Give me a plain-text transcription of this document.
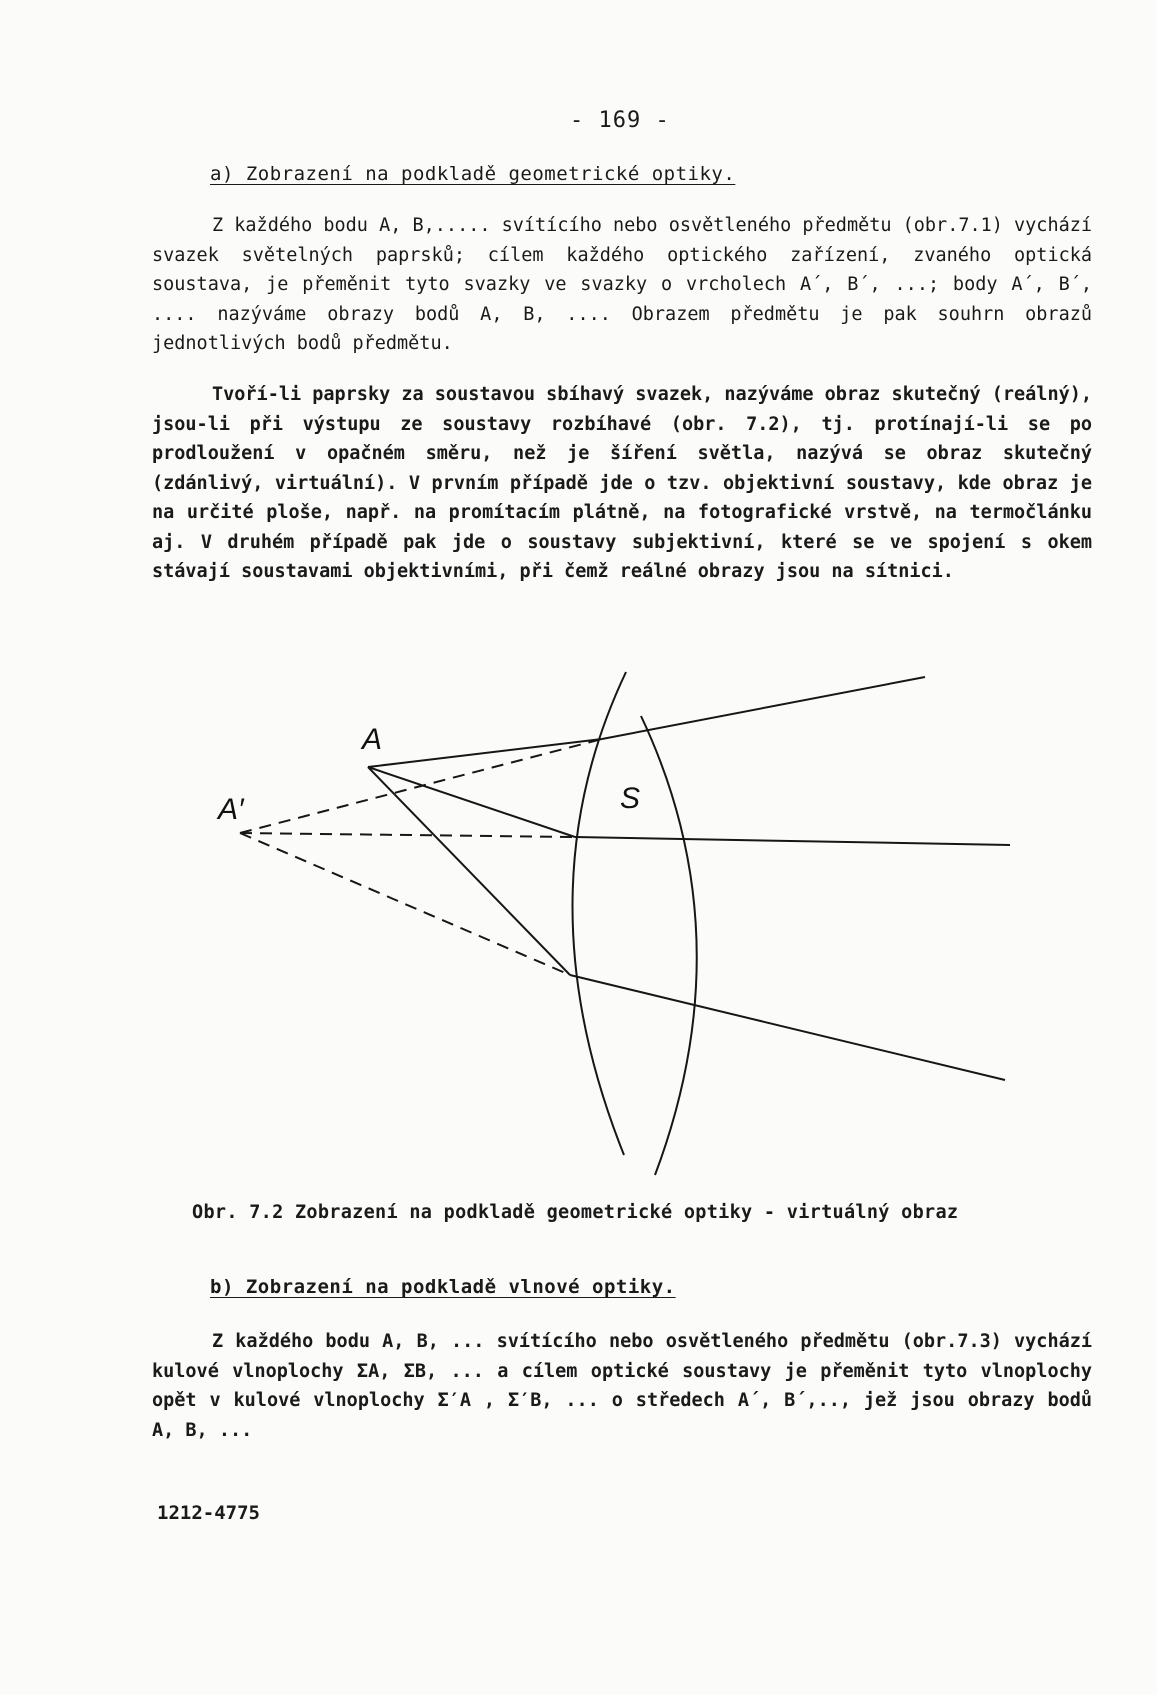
- 169 -
a) Zobrazení na podkladě geometrické optiky.
Z každého bodu A, B,..... svítícího nebo osvětleného předmětu (obr.7.1) vychází svazek světelných paprsků; cílem každého optického zařízení, zvaného optická soustava, je přeměnit tyto svazky ve svazky o vrcholech A´, B´, ...; body A´, B´, .... nazýváme obrazy bodů A, B, .... Obrazem předmětu je pak souhrn obrazů jednotlivých bodů předmětu.
Tvoří-li paprsky za soustavou sbíhavý svazek, nazýváme obraz skutečný (reálný), jsou-li při výstupu ze soustavy rozbíhavé (obr. 7.2), tj. protínají-li se po prodloužení v opačném směru, než je šíření světla, nazývá se obraz skutečný (zdánlivý, virtuální). V prvním případě jde o tzv. objektivní soustavy, kde obraz je na určité ploše, např. na promítacím plátně, na fotografické vrstvě, na termočlánku aj. V druhém případě pak jde o soustavy subjektivní, které se ve spojení s okem stávají soustavami objektivními, při čemž reálné obrazy jsou na sítnici.
A
A′	S
Obr. 7.2 Zobrazení na podkladě geometrické optiky - virtuálný obraz
b) Zobrazení na podkladě vlnové optiky.
Z každého bodu A, B, ... svítícího nebo osvětleného předmětu (obr.7.3) vychází kulové vlnoplochy ΣA, ΣB, ... a cílem optické soustavy je přeměnit tyto vlnoplochy opět v kulové vlnoplochy Σ′A , Σ′B, ... o středech A´, B´,.., jež jsou obrazy bodů A, B, ...
1212-4775
